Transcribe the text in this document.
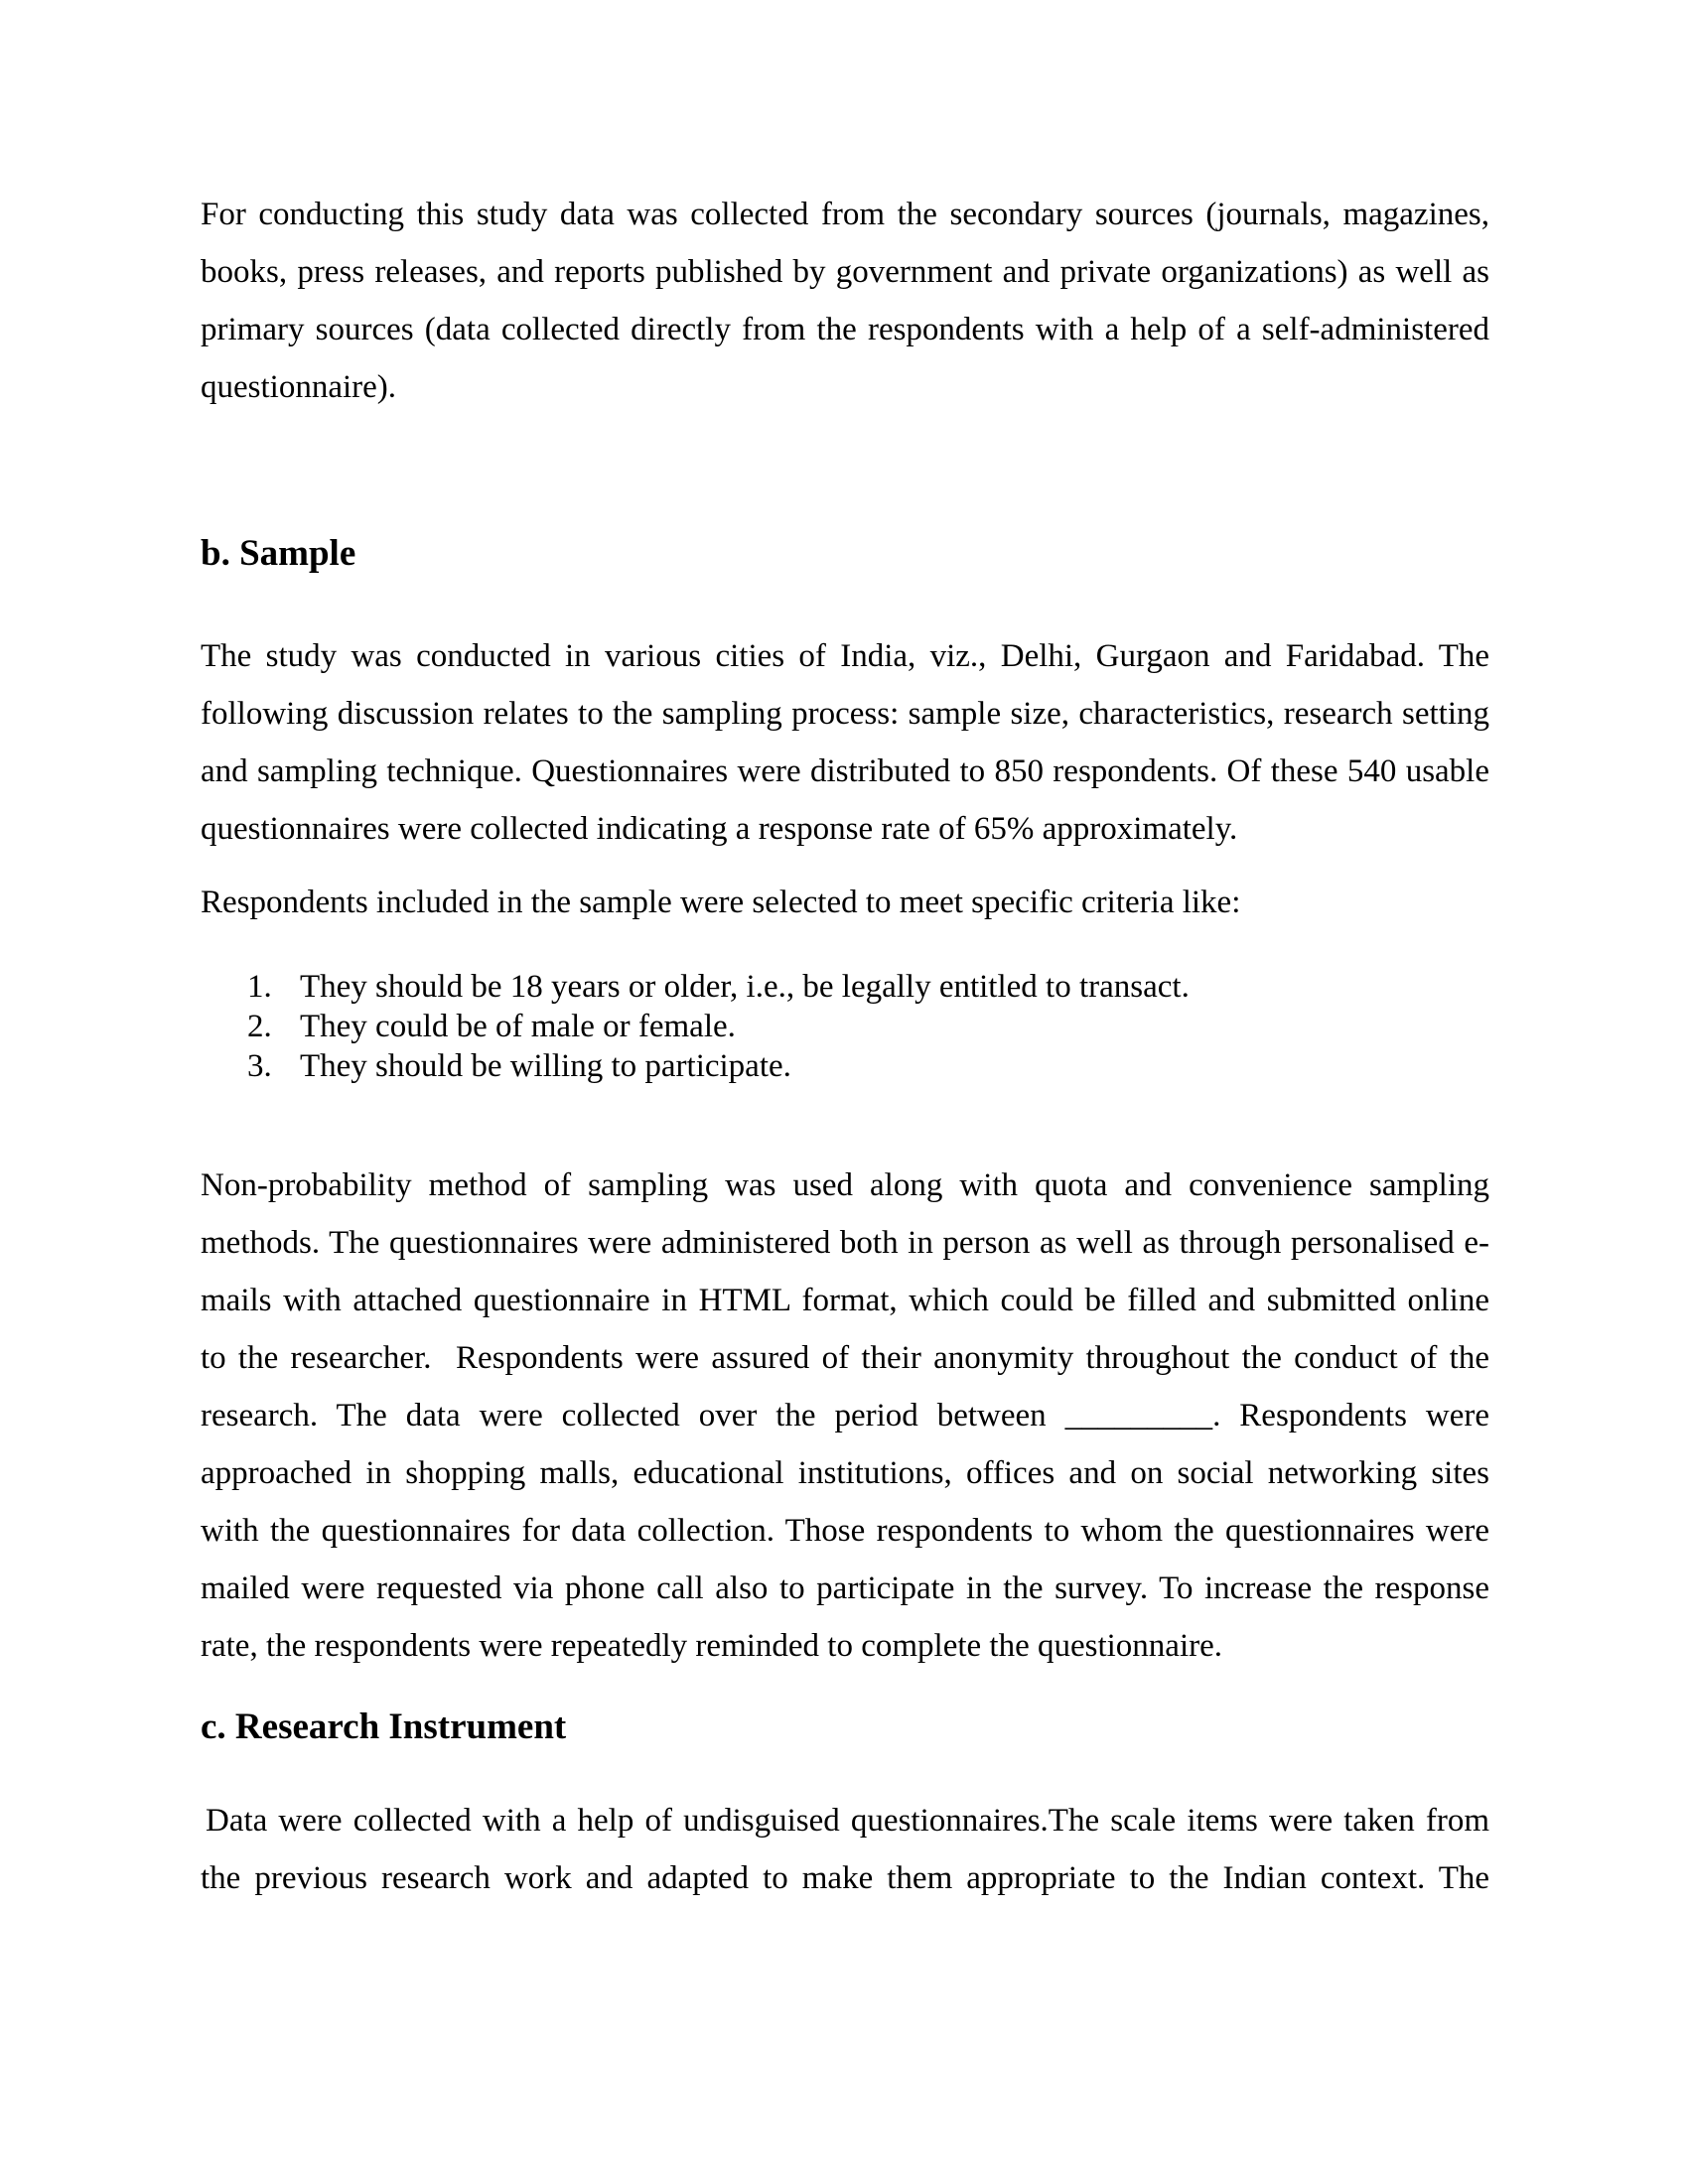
For conducting this study data was collected from the secondary sources (journals, magazines,
books, press releases, and reports published by government and private organizations) as well as
primary sources (data collected directly from the respondents with a help of a self-administered
questionnaire).
b. Sample
The study was conducted in various cities of India, viz., Delhi, Gurgaon and Faridabad. The
following discussion relates to the sampling process: sample size, characteristics, research setting
and sampling technique. Questionnaires were distributed to 850 respondents. Of these 540 usable
questionnaires were collected indicating a response rate of 65% approximately.
Respondents included in the sample were selected to meet specific criteria like:
1. They should be 18 years or older, i.e., be legally entitled to transact.
2. They could be of male or female.
3. They should be willing to participate.
Non-probability method of sampling was used along with quota and convenience sampling
methods. The questionnaires were administered both in person as well as through personalised e-
mails with attached questionnaire in HTML format, which could be filled and submitted online
to the researcher.  Respondents were assured of their anonymity throughout the conduct of the
research. The data were collected over the period between _________. Respondents were
approached in shopping malls, educational institutions, offices and on social networking sites
with the questionnaires for data collection. Those respondents to whom the questionnaires were
mailed were requested via phone call also to participate in the survey. To increase the response
rate, the respondents were repeatedly reminded to complete the questionnaire.
c. Research Instrument
Data were collected with a help of undisguised questionnaires.The scale items were taken from
the previous research work and adapted to make them appropriate to the Indian context. The
